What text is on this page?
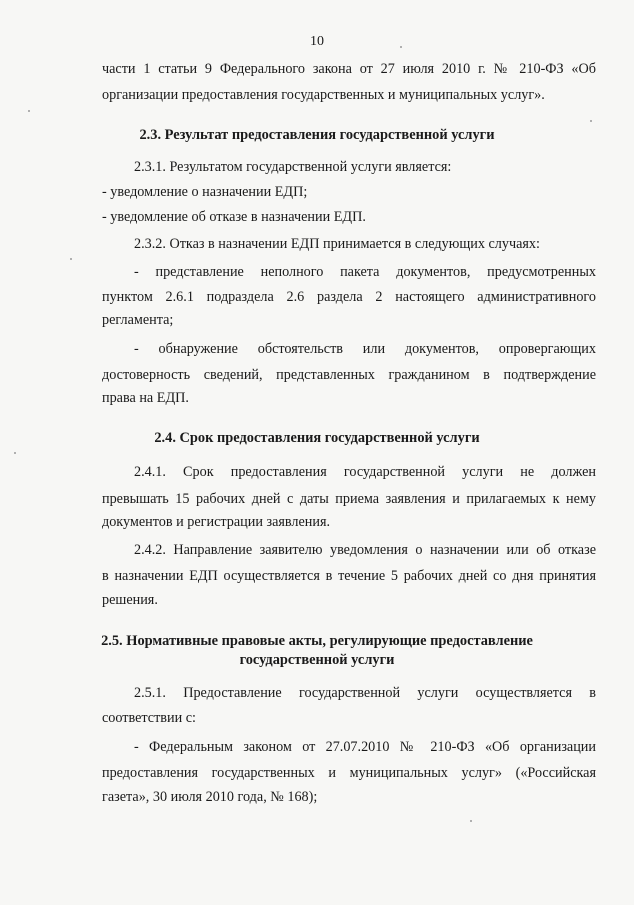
10
части 1 статьи 9 Федерального закона от 27 июля 2010 г. № 210-ФЗ «Об
организации предоставления государственных и муниципальных услуг».
2.3. Результат предоставления государственной услуги
2.3.1. Результатом государственной услуги является:
- уведомление о назначении ЕДП;
- уведомление об отказе в назначении ЕДП.
2.3.2. Отказ в назначении ЕДП принимается в следующих случаях:
- представление неполного пакета документов, предусмотренных
пунктом 2.6.1 подраздела 2.6 раздела 2 настоящего административного
регламента;
- обнаружение обстоятельств или документов, опровергающих
достоверность сведений, представленных гражданином в подтверждение
права на ЕДП.
2.4. Срок предоставления государственной услуги
2.4.1. Срок предоставления государственной услуги не должен
превышать 15 рабочих дней с даты приема заявления и прилагаемых к нему
документов и регистрации заявления.
2.4.2. Направление заявителю уведомления о назначении или об отказе
в назначении ЕДП осуществляется в течение 5 рабочих дней со дня принятия
решения.
2.5. Нормативные правовые акты, регулирующие предоставление
государственной услуги
2.5.1. Предоставление государственной услуги осуществляется в
соответствии с:
- Федеральным законом от 27.07.2010 № 210-ФЗ «Об организации
предоставления государственных и муниципальных услуг» («Российская
газета», 30 июля 2010 года, № 168);
